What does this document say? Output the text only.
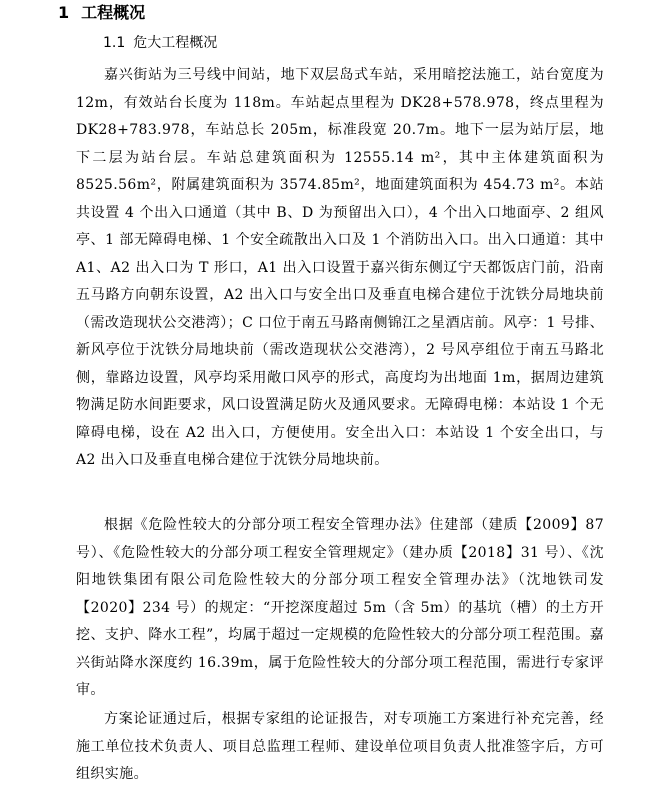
1 工程概况
1.1 危大工程概况

嘉兴街站为三号线中间站，地下双层岛式车站，采用暗挖法施工，站台宽度为 12m，有效站台长度为 118m。车站起点里程为 DK28+578.978，终点里程为 DK28+783.978，车站总长 205m，标准段宽 20.7m。地下一层为站厅层，地下二层为站台层。车站总建筑面积为 12555.14 m²，其中主体建筑面积为 8525.56m²，附属建筑面积为 3574.85m²，地面建筑面积为 454.73 m²。本站共设置 4 个出入口通道（其中 B、D 为预留出入口），4 个出入口地面亭、2 组风亭、1 部无障碍电梯、1 个安全疏散出入口及 1 个消防出入口。出入口通道：其中 A1、A2 出入口为 T 形口，A1 出入口设置于嘉兴街东侧辽宁天都饭店门前，沿南五马路方向朝东设置，A2 出入口与安全出口及垂直电梯合建位于沈铁分局地块前（需改造现状公交港湾）；C 口位于南五马路南侧锦江之星酒店前。风亭：1 号排、新风亭位于沈铁分局地块前（需改造现状公交港湾），2 号风亭组位于南五马路北侧，靠路边设置，风亭均采用敞口风亭的形式，高度均为出地面 1m，据周边建筑物满足防水间距要求，风口设置满足防火及通风要求。无障碍电梯：本站设 1 个无障碍电梯，设在 A2 出入口，方便使用。安全出入口：本站设 1 个安全出口，与 A2 出入口及垂直电梯合建位于沈铁分局地块前。

根据《危险性较大的分部分项工程安全管理办法》住建部（建质【2009】87 号）、《危险性较大的分部分项工程安全管理规定》（建办质【2018】31 号）、《沈阳地铁集团有限公司危险性较大的分部分项工程安全管理办法》（沈地铁司发【2020】234 号）的规定：“开挖深度超过 5m（含 5m）的基坑（槽）的土方开挖、支护、降水工程”，均属于超过一定规模的危险性较大的分部分项工程范围。嘉兴街站降水深度约 16.39m，属于危险性较大的分部分项工程范围，需进行专家评审。

方案论证通过后，根据专家组的论证报告，对专项施工方案进行补充完善，经施工单位技术负责人、项目总监理工程师、建设单位项目负责人批准签字后，方可组织实施。
